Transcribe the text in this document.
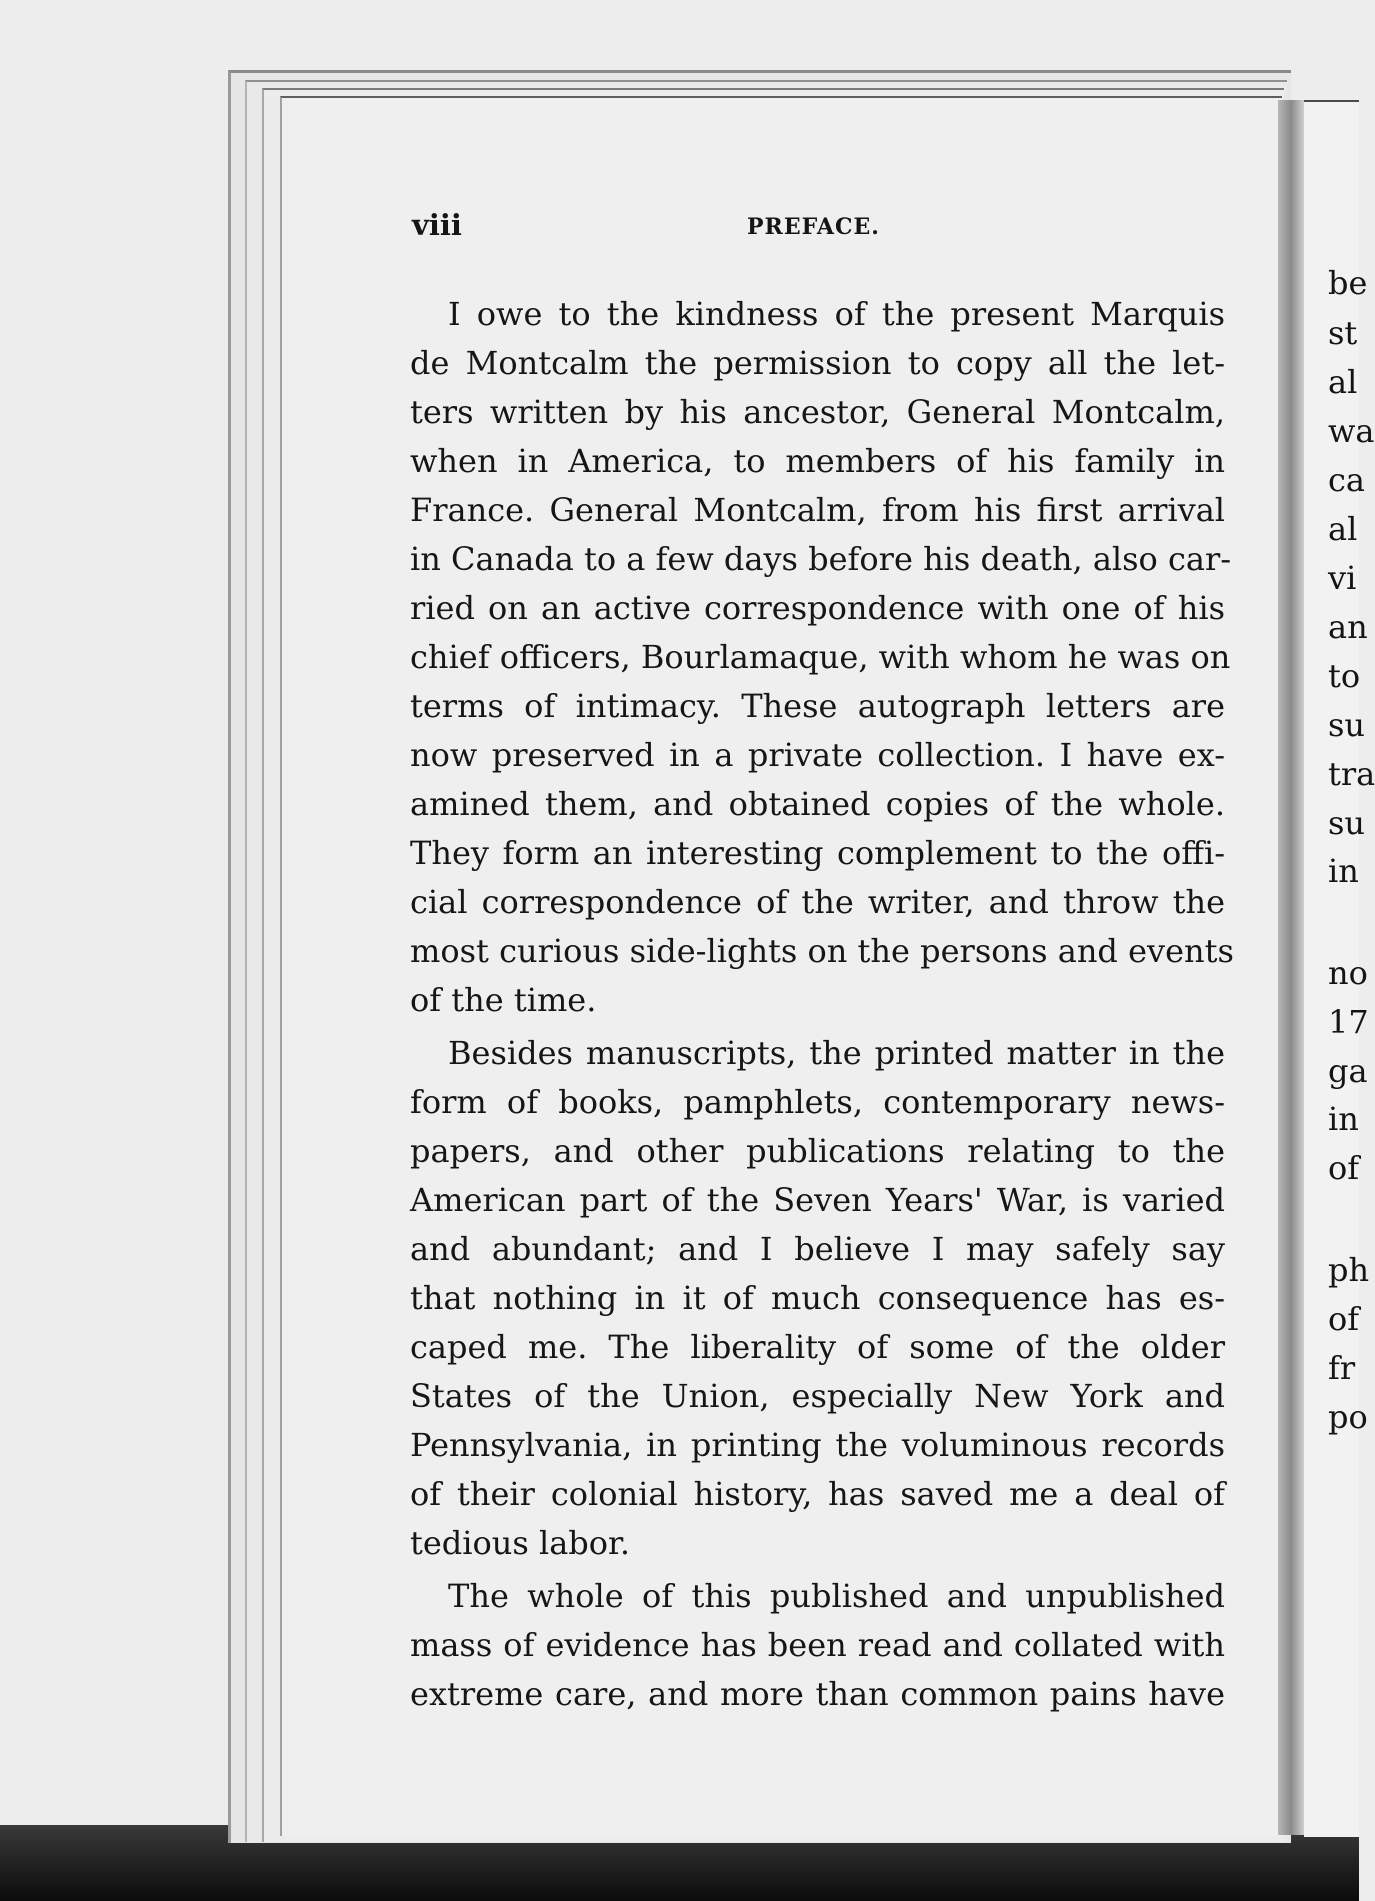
be
st
al
wa
ca
al
vi
an
to
su
tra
su
in
no
17
ga
in
of
ph
of
fr
po
viii	PREFACE.
I owe to the kindness of the present Marquis
de Montcalm the permission to copy all the let-
ters written by his ancestor, General Montcalm,
when in America, to members of his family in
France. General Montcalm, from his first arrival
in Canada to a few days before his death, also car-
ried on an active correspondence with one of his
chief officers, Bourlamaque, with whom he was on
terms of intimacy. These autograph letters are
now preserved in a private collection. I have ex-
amined them, and obtained copies of the whole.
They form an interesting complement to the offi-
cial correspondence of the writer, and throw the
most curious side-lights on the persons and events
of the time.
Besides manuscripts, the printed matter in the
form of books, pamphlets, contemporary news-
papers, and other publications relating to the
American part of the Seven Years' War, is varied
and abundant; and I believe I may safely say
that nothing in it of much consequence has es-
caped me. The liberality of some of the older
States of the Union, especially New York and
Pennsylvania, in printing the voluminous records
of their colonial history, has saved me a deal of
tedious labor.
The whole of this published and unpublished
mass of evidence has been read and collated with
extreme care, and more than common pains have
